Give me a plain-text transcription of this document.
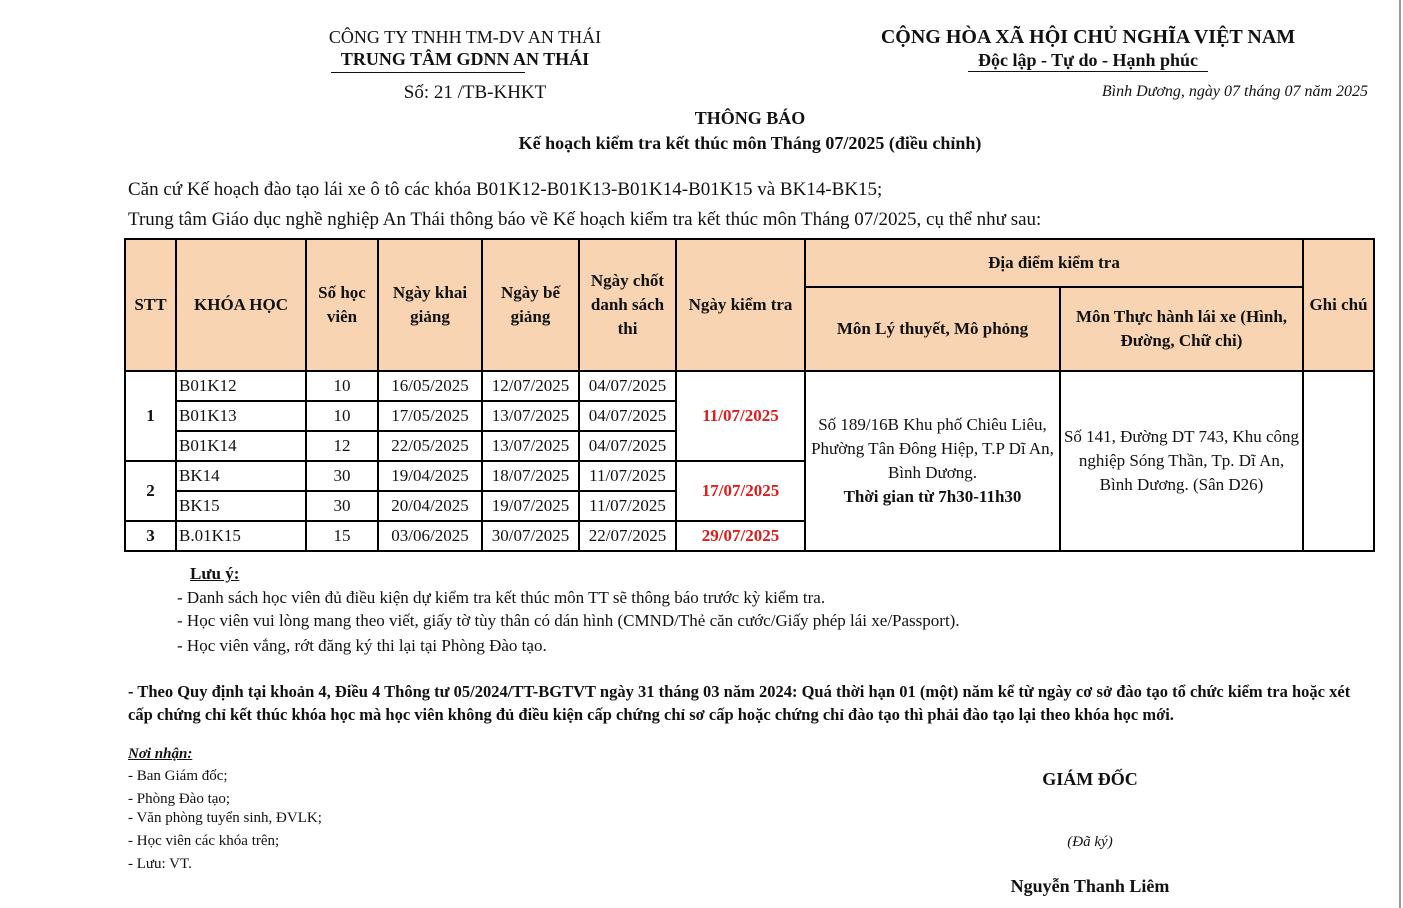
CÔNG TY TNHH TM-DV AN THÁI
TRUNG TÂM GDNN AN THÁI
Số: 21 /TB-KHKT
CỘNG HÒA XÃ HỘI CHỦ NGHĨA VIỆT NAM
Độc lập - Tự do - Hạnh phúc
Bình Dương, ngày 07 tháng 07 năm 2025
THÔNG BÁO
Kế hoạch kiểm tra kết thúc môn Tháng 07/2025 (điều chỉnh)
Căn cứ Kế hoạch đào tạo lái xe ô tô các khóa B01K12-B01K13-B01K14-B01K15 và BK14-BK15;
Trung tâm Giáo dục nghề nghiệp An Thái thông báo về Kế hoạch kiểm tra kết thúc môn Tháng 07/2025, cụ thể như sau:
STT	KHÓA HỌC	Số học viên	Ngày khai giảng	Ngày bế giảng	Ngày chốt danh sách thi	Ngày kiểm tra	Địa điểm kiểm tra		Ghi chú
							Môn Lý thuyết, Mô phỏng	Môn Thực hành lái xe (Hình, Đường, Chữ chi)	
1	B01K12	10	16/05/2025	12/07/2025	04/07/2025	11/07/2025	Số 189/16B Khu phố Chiêu Liêu, Phường Tân Đông Hiệp, T.P Dĩ An, Bình Dương.
Thời gian từ 7h30-11h30	Số 141, Đường DT 743, Khu công nghiệp Sóng Thần, Tp. Dĩ An, Bình Dương. (Sân D26)	
	B01K13	10	17/05/2025	13/07/2025	04/07/2025				
	B01K14	12	22/05/2025	13/07/2025	04/07/2025				
2	BK14	30	19/04/2025	18/07/2025	11/07/2025	17/07/2025			
	BK15	30	20/04/2025	19/07/2025	11/07/2025				
3	B.01K15	15	03/06/2025	30/07/2025	22/07/2025	29/07/2025			
Lưu ý:
- Danh sách học viên đủ điều kiện dự kiểm tra kết thúc môn TT sẽ thông báo trước kỳ kiểm tra.
- Học viên vui lòng mang theo viết, giấy tờ tùy thân có dán hình (CMND/Thẻ căn cước/Giấy phép lái xe/Passport).
- Học viên vắng, rớt đăng ký thi lại tại Phòng Đào tạo.
- Theo Quy định tại khoản 4, Điều 4 Thông tư 05/2024/TT-BGTVT ngày 31 tháng 03 năm 2024: Quá thời hạn 01 (một) năm kể từ ngày cơ sở đào tạo tổ chức kiểm tra hoặc xét cấp chứng chỉ kết thúc khóa học mà học viên không đủ điều kiện cấp chứng chỉ sơ cấp hoặc chứng chỉ đào tạo thì phải đào tạo lại theo khóa học mới.
Nơi nhận:
- Ban Giám đốc;
- Phòng Đào tạo;
- Văn phòng tuyển sinh, ĐVLK;
- Học viên các khóa trên;
- Lưu: VT.
GIÁM ĐỐC
(Đã ký)
Nguyễn Thanh Liêm
